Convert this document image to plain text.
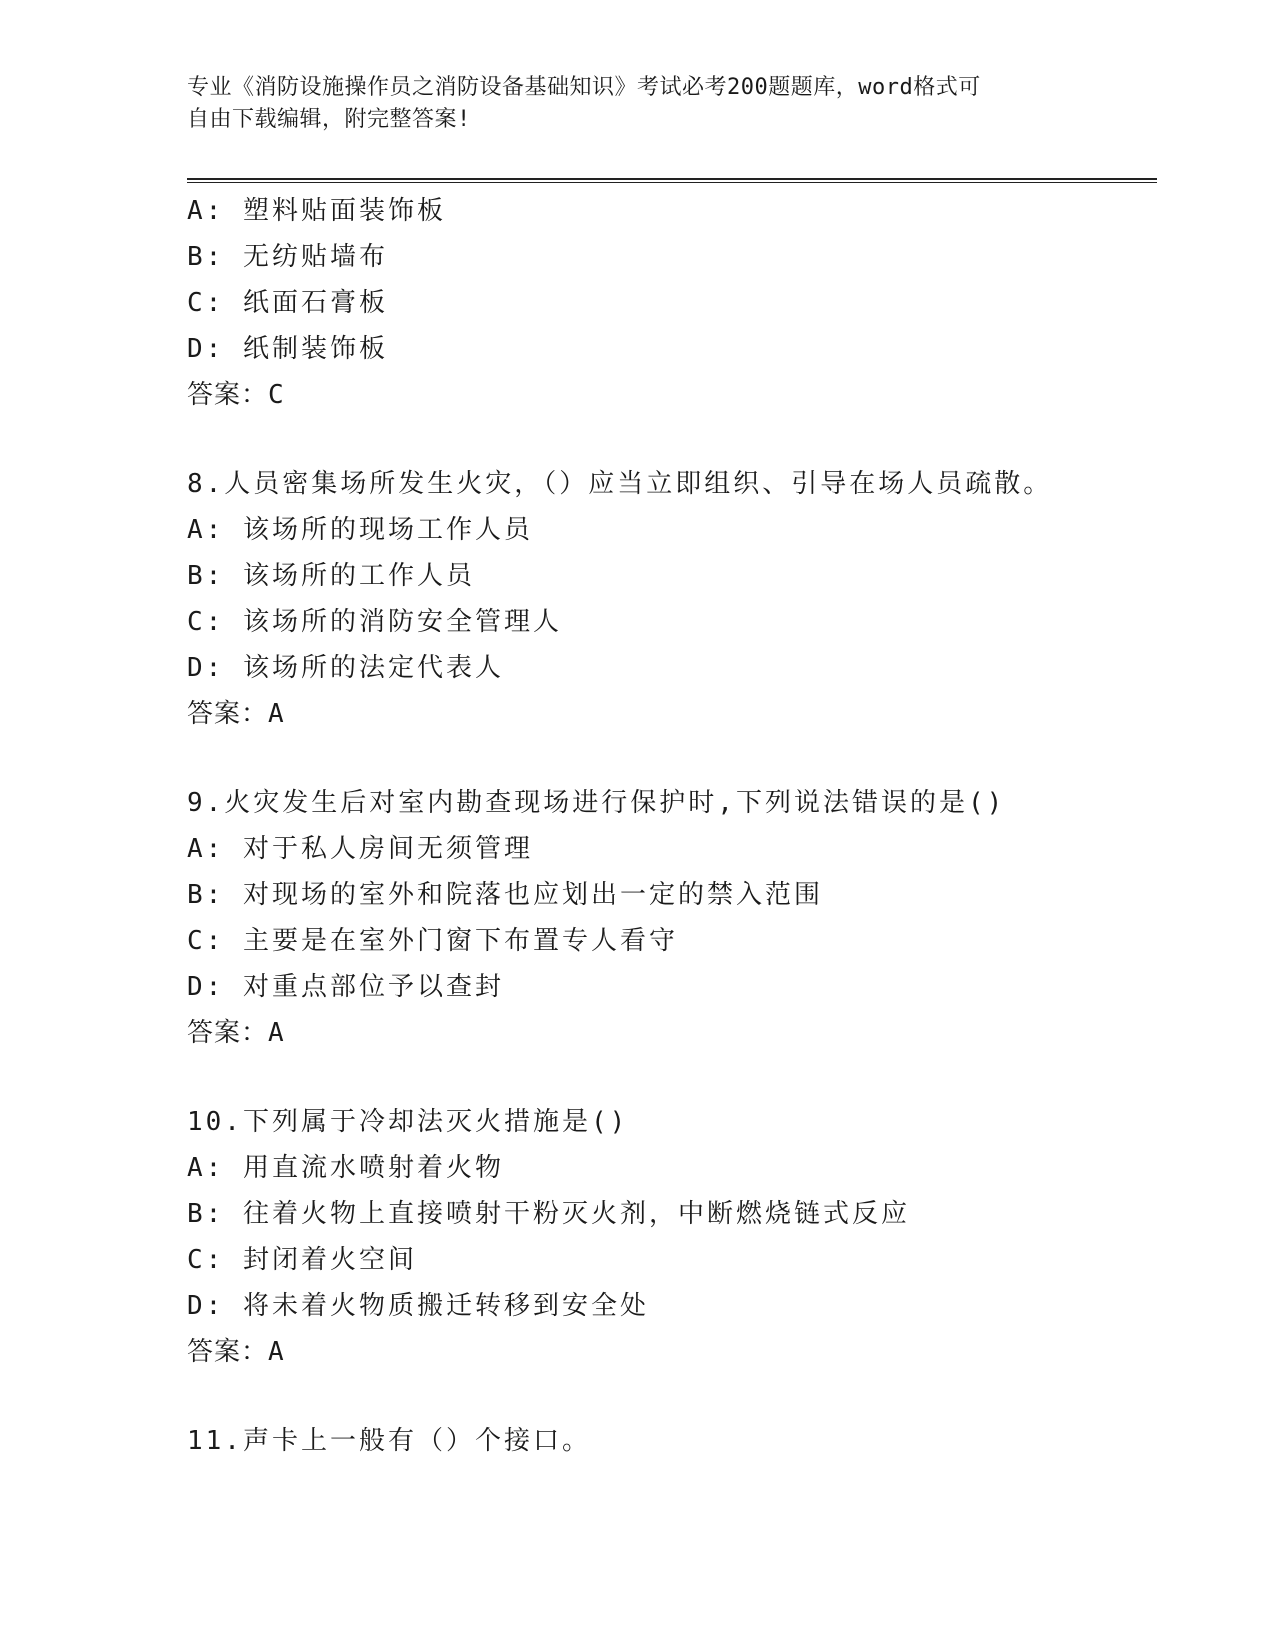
专业《消防设施操作员之消防设备基础知识》考试必考200题题库，word格式可
自由下载编辑，附完整答案!
A: 塑料贴面装饰板
B: 无纺贴墙布
C: 纸面石膏板
D: 纸制装饰板
答案：C
8.人员密集场所发生火灾，（）应当立即组织、引导在场人员疏散。
A: 该场所的现场工作人员
B: 该场所的工作人员
C: 该场所的消防安全管理人
D: 该场所的法定代表人
答案：A
9.火灾发生后对室内勘查现场进行保护时,下列说法错误的是()
A: 对于私人房间无须管理
B: 对现场的室外和院落也应划出一定的禁入范围
C: 主要是在室外门窗下布置专人看守
D: 对重点部位予以查封
答案：A
10.下列属于冷却法灭火措施是()
A: 用直流水喷射着火物
B: 往着火物上直接喷射干粉灭火剂，中断燃烧链式反应
C: 封闭着火空间
D: 将未着火物质搬迁转移到安全处
答案：A
11.声卡上一般有（）个接口。
